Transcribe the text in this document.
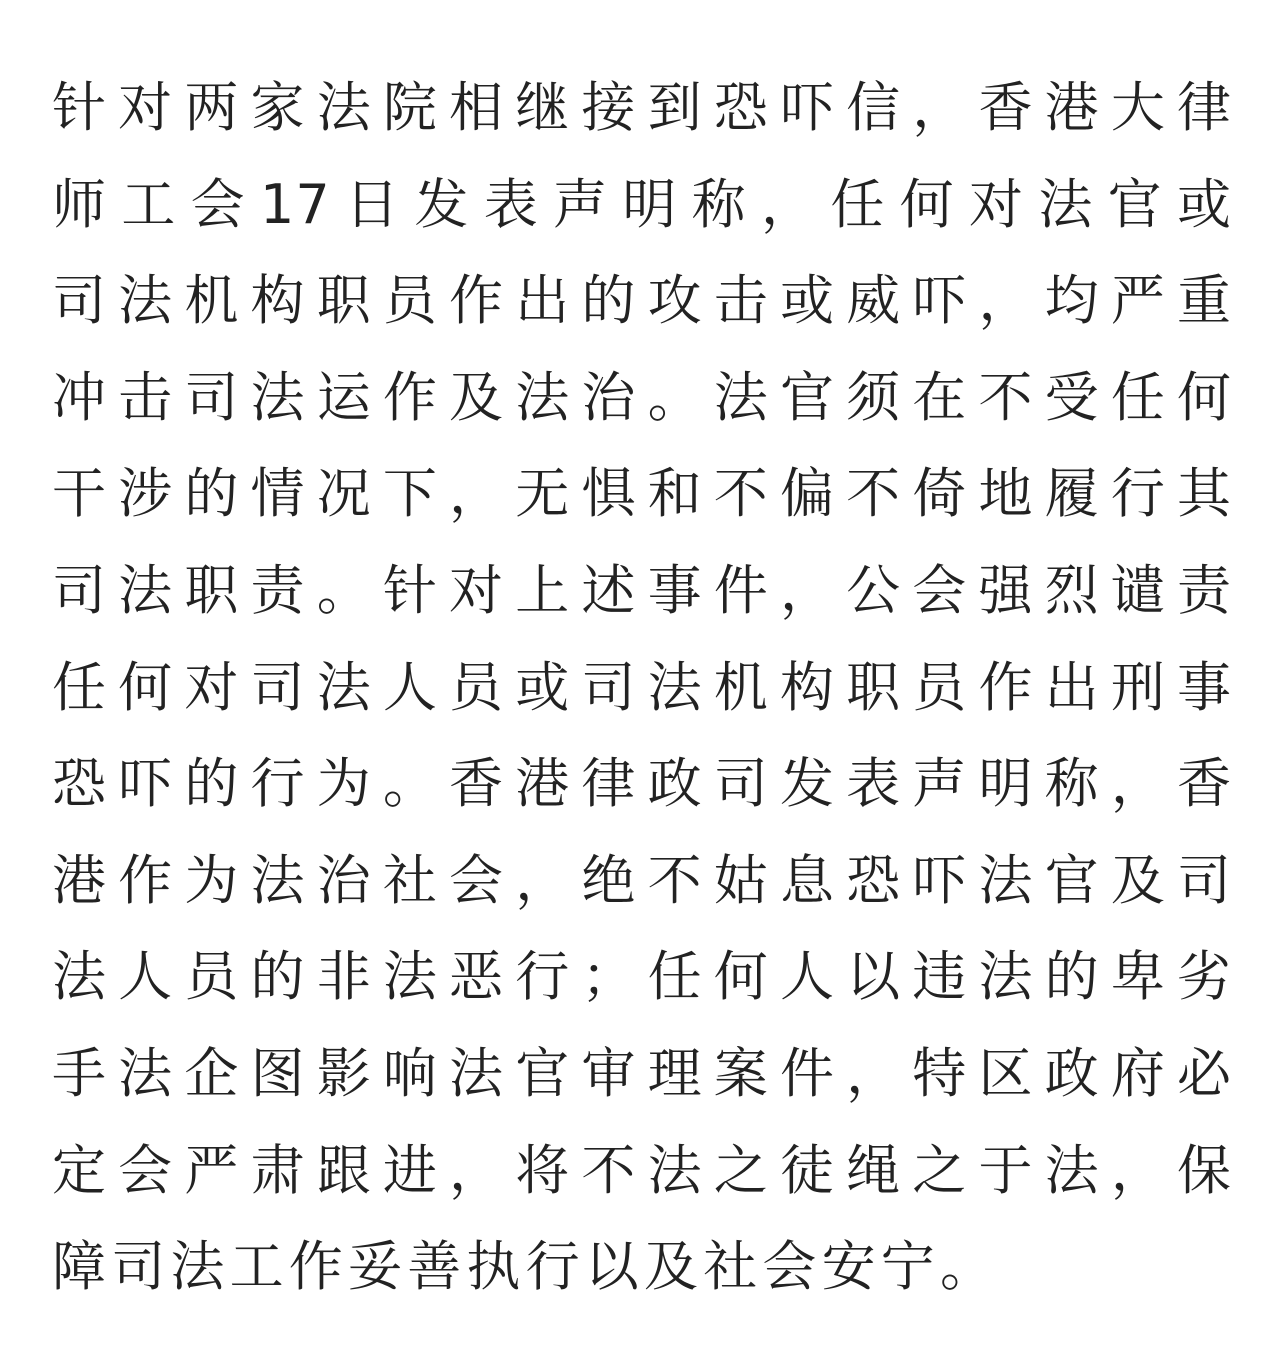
针对两家法院相继接到恐吓信，香港大律
师工会17日发表声明称，任何对法官或
司法机构职员作出的攻击或威吓，均严重
冲击司法运作及法治。法官须在不受任何
干涉的情况下，无惧和不偏不倚地履行其
司法职责。针对上述事件，公会强烈谴责
任何对司法人员或司法机构职员作出刑事
恐吓的行为。香港律政司发表声明称，香
港作为法治社会，绝不姑息恐吓法官及司
法人员的非法恶行；任何人以违法的卑劣
手法企图影响法官审理案件，特区政府必
定会严肃跟进，将不法之徒绳之于法，保
障司法工作妥善执行以及社会安宁。
